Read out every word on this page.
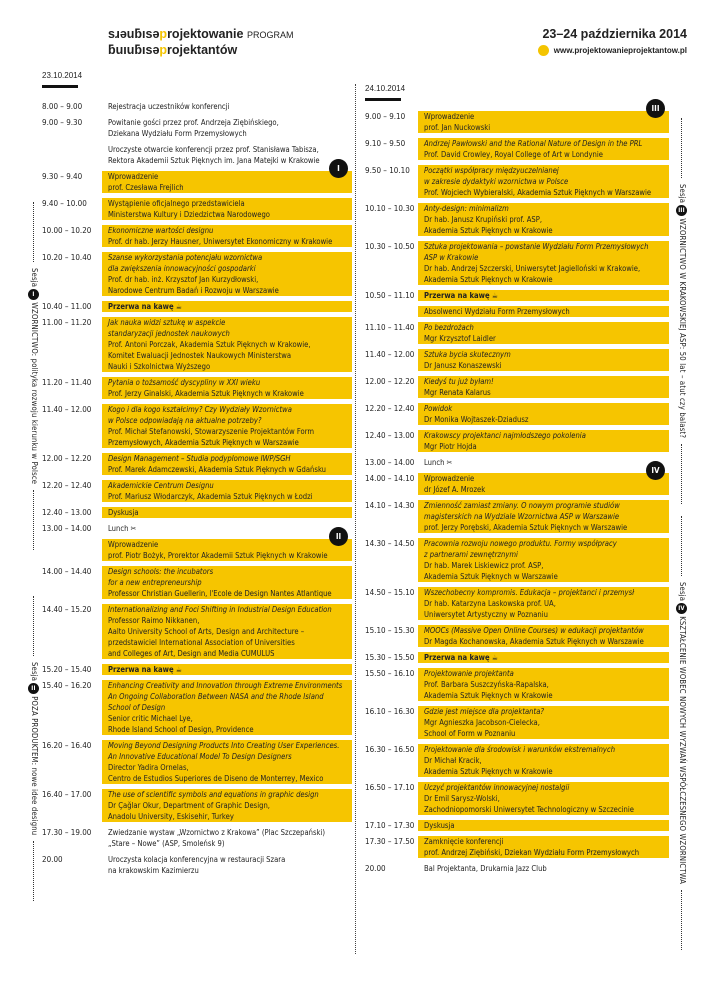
sɹəuƃısəprojektowanie PROGRAM
ƃuıuƃısəprojektantów
23–24 października 2014
www.projektowanieprojektantow.pl
23.10.2014
24.10.2014
8.00 – 9.00	Rejestracja uczestników konferencji
9.00 – 9.30	Powitanie gości przez prof. Andrzeja Ziębińskiego,
Dziekana Wydziału Form Przemysłowych
Uroczyste otwarcie konferencji przez prof. Stanisława Tabisza,
Rektora Akademii Sztuk Pięknych im. Jana Matejki w Krakowie
I
9.30 – 9.40	Wprowadzenie
prof. Czesława Frejlich
9.40 – 10.00	Wystąpienie oficjalnego przedstawiciela
Ministerstwa Kultury i Dziedzictwa Narodowego
10.00 – 10.20	Ekonomiczne wartości designu
Prof. dr hab. Jerzy Hausner, Uniwersytet Ekonomiczny w Krakowie
10.20 – 10.40	Szanse wykorzystania potencjału wzornictwa
dla zwiększenia innowacyjności gospodarki
Prof. dr hab. inż. Krzysztof Jan Kurzydłowski,
Narodowe Centrum Badań i Rozwoju w Warszawie
10.40 – 11.00	Przerwa na kawę ☕
11.00 – 11.20	Jak nauka widzi sztukę w aspekcie
standaryzacji jednostek naukowych
Prof. Antoni Porczak, Akademia Sztuk Pięknych w Krakowie,
Komitet Ewaluacji Jednostek Naukowych Ministerstwa
Nauki i Szkolnictwa Wyższego
11.20 – 11.40	Pytania o tożsamość dyscypliny w XXI wieku
Prof. Jerzy Ginalski, Akademia Sztuk Pięknych w Krakowie
11.40 – 12.00	Kogo i dla kogo kształcimy? Czy Wydziały Wzornictwa
w Polsce odpowiadają na aktualne potrzeby?
Prof. Michał Stefanowski, Stowarzyszenie Projektantów Form
Przemysłowych, Akademia Sztuk Pięknych w Warszawie
12.00 – 12.20	Design Management – Studia podyplomowe IWP/SGH
Prof. Marek Adamczewski, Akademia Sztuk Pięknych w Gdańsku
12.20 – 12.40	Akademickie Centrum Designu
Prof. Mariusz Włodarczyk, Akademia Sztuk Pięknych w Łodzi
12.40 – 13.00	Dyskusja
13.00 – 14.00	Lunch ✂
II
Wprowadzenie
prof. Piotr Bożyk, Prorektor Akademii Sztuk Pięknych w Krakowie
14.00 – 14.40	Design schools: the incubators
for a new entrepreneurship
Professor Christian Guellerin, l'Ecole de Design Nantes Atlantique
14.40 – 15.20	Internationalizing and Foci Shifting in Industrial Design Education
Professor Raimo Nikkanen,
Aalto University School of Arts, Design and Architecture –
przedstawiciel International Association of Universities
and Colleges of Art, Design and Media CUMULUS
15.20 – 15.40	Przerwa na kawę ☕
15.40 – 16.20	Enhancing Creativity and Innovation through Extreme Environments
An Ongoing Collaboration Between NASA and the Rhode Island
School of Design
Senior critic Michael Lye,
Rhode Island School of Design, Providence
16.20 – 16.40	Moving Beyond Designing Products Into Creating User Experiences.
An Innovative Educational Model To Design Designers
Director Yadira Ornelas,
Centro de Estudios Superiores de Diseno de Monterrey, Mexico
16.40 – 17.00	The use of scientific symbols and equations in graphic design
Dr Çağlar Okur, Department of Graphic Design,
Anadolu University, Eskisehir, Turkey
17.30 – 19.00	Zwiedzanie wystaw „Wzornictwo z Krakowa” (Plac Szczepański)
„Stare – Nowe” (ASP, Smoleńsk 9)
20.00	Uroczysta kolacja konferencyjna w restauracji Szara
na krakowskim Kazimierzu
III
9.00 – 9.10	Wprowadzenie
prof. Jan Nuckowski
9.10 – 9.50	Andrzej Pawłowski and the Rational Nature of Design in the PRL
Prof. David Crowley, Royal College of Art w Londynie
9.50 – 10.10	Początki współpracy międzyuczelnianej
w zakresie dydaktyki wzornictwa w Polsce
Prof. Wojciech Wybieralski, Akademia Sztuk Pięknych w Warszawie
10.10 – 10.30	Anty-design: minimalizm
Dr hab. Janusz Krupiński prof. ASP,
Akademia Sztuk Pięknych w Krakowie
10.30 – 10.50	Sztuka projektowania – powstanie Wydziału Form Przemysłowych
ASP w Krakowie
Dr hab. Andrzej Szczerski, Uniwersytet Jagielloński w Krakowie,
Akademia Sztuk Pięknych w Krakowie
10.50 – 11.10	Przerwa na kawę ☕
Absolwenci Wydziału Form Przemysłowych
11.10 – 11.40	Po bezdrożach
Mgr Krzysztof Laidler
11.40 – 12.00	Sztuka bycia skutecznym
Dr Janusz Konaszewski
12.00 – 12.20	Kiedyś tu już byłam!
Mgr Renata Kalarus
12.20 – 12.40	Powidok
Dr Monika Wojtaszek-Dziadusz
12.40 – 13.00	Krakowscy projektanci najmłodszego pokolenia
Mgr Piotr Hojda
13.00 – 14.00	Lunch ✂
IV
14.00 – 14.10	Wprowadzenie
dr Józef A. Mrozek
14.10 – 14.30	Zmienność zamiast zmiany. O nowym programie studiów
magisterskich na Wydziale Wzornictwa ASP w Warszawie
prof. Jerzy Porębski, Akademia Sztuk Pięknych w Warszawie
14.30 – 14.50	Pracownia rozwoju nowego produktu. Formy współpracy
z partnerami zewnętrznymi
Dr hab. Marek Liskiewicz prof. ASP,
Akademia Sztuk Pięknych w Warszawie
14.50 – 15.10	Wszechobecny kompromis. Edukacja – projektanci i przemysł
Dr hab. Katarzyna Laskowska prof. UA,
Uniwersytet Artystyczny w Poznaniu
15.10 – 15.30	MOOCs (Massive Open Online Courses) w edukacji projektantów
Dr Magda Kochanowska, Akademia Sztuk Pięknych w Warszawie
15.30 – 15.50	Przerwa na kawę ☕
15.50 – 16.10	Projektowanie projektanta
Prof. Barbara Suszczyńska-Rapalska,
Akademia Sztuk Pięknych w Krakowie
16.10 – 16.30	Gdzie jest miejsce dla projektanta?
Mgr Agnieszka Jacobson-Cielecka,
School of Form w Poznaniu
16.30 – 16.50	Projektowanie dla środowisk i warunków ekstremalnych
Dr Michał Kracik,
Akademia Sztuk Pięknych w Krakowie
16.50 – 17.10	Uczyć projektantów innowacyjnej nostalgii
Dr Emil Sarysz-Wolski,
Zachodniopomorski Uniwersytet Technologiczny w Szczecinie
17.10 – 17.30	Dyskusja
17.30 – 17.50	Zamknięcie konferencji
prof. Andrzej Ziębiński, Dziekan Wydziału Form Przemysłowych
20.00	Bal Projektanta, Drukarnia Jazz Club
SesjaIWZORNICTWO: polityka rozwoju kierunku w Polsce
SesjaIIPOZA PRODUKTEM: nowe idee designu
SesjaIIIWZORNICTWO W KRAKOWSKIEJ ASP: 50 lat – atut czy balast?
SesjaIVKSZTAŁCENIE WOBEC NOWYCH WYZWAŃ WSPÓŁCZESNEGO WZORNICTWA
